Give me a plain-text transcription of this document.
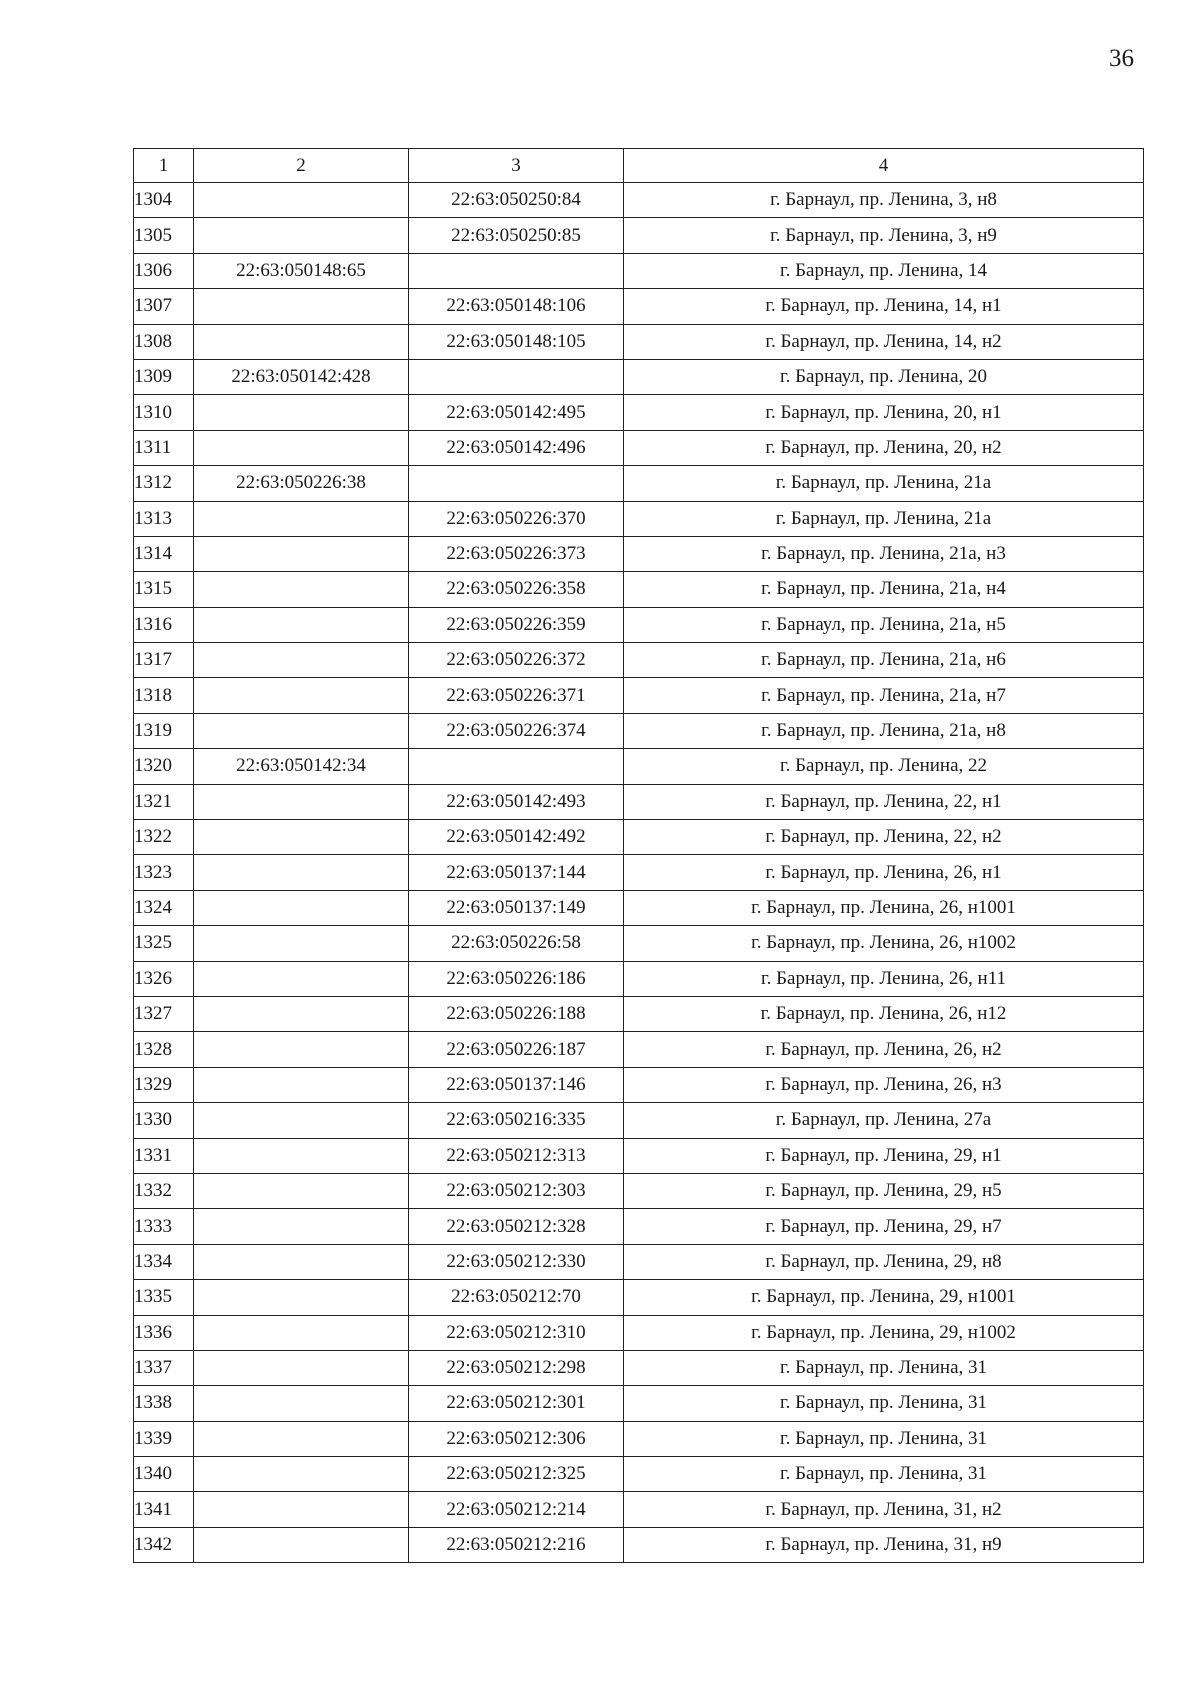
36
1	2	3	4
1304		22:63:050250:84	г. Барнаул, пр. Ленина, 3, н8
1305		22:63:050250:85	г. Барнаул, пр. Ленина, 3, н9
1306	22:63:050148:65		г. Барнаул, пр. Ленина, 14
1307		22:63:050148:106	г. Барнаул, пр. Ленина, 14, н1
1308		22:63:050148:105	г. Барнаул, пр. Ленина, 14, н2
1309	22:63:050142:428		г. Барнаул, пр. Ленина, 20
1310		22:63:050142:495	г. Барнаул, пр. Ленина, 20, н1
1311		22:63:050142:496	г. Барнаул, пр. Ленина, 20, н2
1312	22:63:050226:38		г. Барнаул, пр. Ленина, 21а
1313		22:63:050226:370	г. Барнаул, пр. Ленина, 21а
1314		22:63:050226:373	г. Барнаул, пр. Ленина, 21а, н3
1315		22:63:050226:358	г. Барнаул, пр. Ленина, 21а, н4
1316		22:63:050226:359	г. Барнаул, пр. Ленина, 21а, н5
1317		22:63:050226:372	г. Барнаул, пр. Ленина, 21а, н6
1318		22:63:050226:371	г. Барнаул, пр. Ленина, 21а, н7
1319		22:63:050226:374	г. Барнаул, пр. Ленина, 21а, н8
1320	22:63:050142:34		г. Барнаул, пр. Ленина, 22
1321		22:63:050142:493	г. Барнаул, пр. Ленина, 22, н1
1322		22:63:050142:492	г. Барнаул, пр. Ленина, 22, н2
1323		22:63:050137:144	г. Барнаул, пр. Ленина, 26, н1
1324		22:63:050137:149	г. Барнаул, пр. Ленина, 26, н1001
1325		22:63:050226:58	г. Барнаул, пр. Ленина, 26, н1002
1326		22:63:050226:186	г. Барнаул, пр. Ленина, 26, н11
1327		22:63:050226:188	г. Барнаул, пр. Ленина, 26, н12
1328		22:63:050226:187	г. Барнаул, пр. Ленина, 26, н2
1329		22:63:050137:146	г. Барнаул, пр. Ленина, 26, н3
1330		22:63:050216:335	г. Барнаул, пр. Ленина, 27а
1331		22:63:050212:313	г. Барнаул, пр. Ленина, 29, н1
1332		22:63:050212:303	г. Барнаул, пр. Ленина, 29, н5
1333		22:63:050212:328	г. Барнаул, пр. Ленина, 29, н7
1334		22:63:050212:330	г. Барнаул, пр. Ленина, 29, н8
1335		22:63:050212:70	г. Барнаул, пр. Ленина, 29, н1001
1336		22:63:050212:310	г. Барнаул, пр. Ленина, 29, н1002
1337		22:63:050212:298	г. Барнаул, пр. Ленина, 31
1338		22:63:050212:301	г. Барнаул, пр. Ленина, 31
1339		22:63:050212:306	г. Барнаул, пр. Ленина, 31
1340		22:63:050212:325	г. Барнаул, пр. Ленина, 31
1341		22:63:050212:214	г. Барнаул, пр. Ленина, 31, н2
1342		22:63:050212:216	г. Барнаул, пр. Ленина, 31, н9
